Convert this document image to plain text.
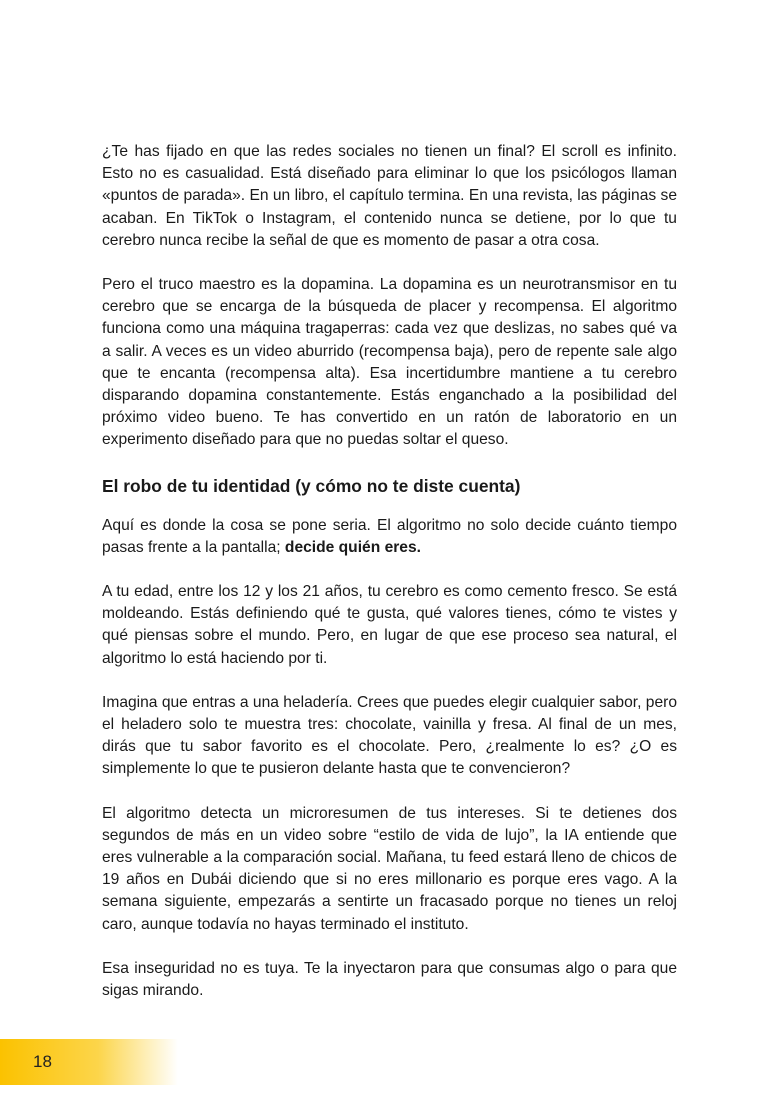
¿Te has fijado en que las redes sociales no tienen un final? El scroll es infinito. Esto no es casualidad. Está diseñado para eliminar lo que los psicólogos llaman «puntos de parada». En un libro, el capítulo termina. En una revista, las páginas se acaban. En TikTok o Instagram, el contenido nunca se detiene, por lo que tu cerebro nunca recibe la señal de que es momento de pasar a otra cosa.

Pero el truco maestro es la dopamina. La dopamina es un neurotransmisor en tu cerebro que se encarga de la búsqueda de placer y recompensa. El algoritmo funciona como una máquina tragaperras: cada vez que deslizas, no sabes qué va a salir. A veces es un video aburrido (recompensa baja), pero de repente sale algo que te encanta (recompensa alta). Esa incertidumbre mantiene a tu cerebro disparando dopamina constantemente. Estás enganchado a la posibilidad del próximo video bueno. Te has convertido en un ratón de laboratorio en un experimento diseñado para que no puedas soltar el queso.

El robo de tu identidad (y cómo no te diste cuenta)

Aquí es donde la cosa se pone seria. El algoritmo no solo decide cuánto tiempo pasas frente a la pantalla; decide quién eres.

A tu edad, entre los 12 y los 21 años, tu cerebro es como cemento fresco. Se está moldeando. Estás definiendo qué te gusta, qué valores tienes, cómo te vistes y qué piensas sobre el mundo. Pero, en lugar de que ese proceso sea natural, el algoritmo lo está haciendo por ti.

Imagina que entras a una heladería. Crees que puedes elegir cualquier sabor, pero el heladero solo te muestra tres: chocolate, vainilla y fresa. Al final de un mes, dirás que tu sabor favorito es el chocolate. Pero, ¿realmente lo es? ¿O es simplemente lo que te pusieron delante hasta que te convencieron?

El algoritmo detecta un microresumen de tus intereses. Si te detienes dos segundos de más en un video sobre “estilo de vida de lujo”, la IA entiende que eres vulnerable a la comparación social. Mañana, tu feed estará lleno de chicos de 19 años en Dubái diciendo que si no eres millonario es porque eres vago. A la semana siguiente, empezarás a sentirte un fracasado porque no tienes un reloj caro, aunque todavía no hayas terminado el instituto.

Esa inseguridad no es tuya. Te la inyectaron para que consumas algo o para que sigas mirando.

18
